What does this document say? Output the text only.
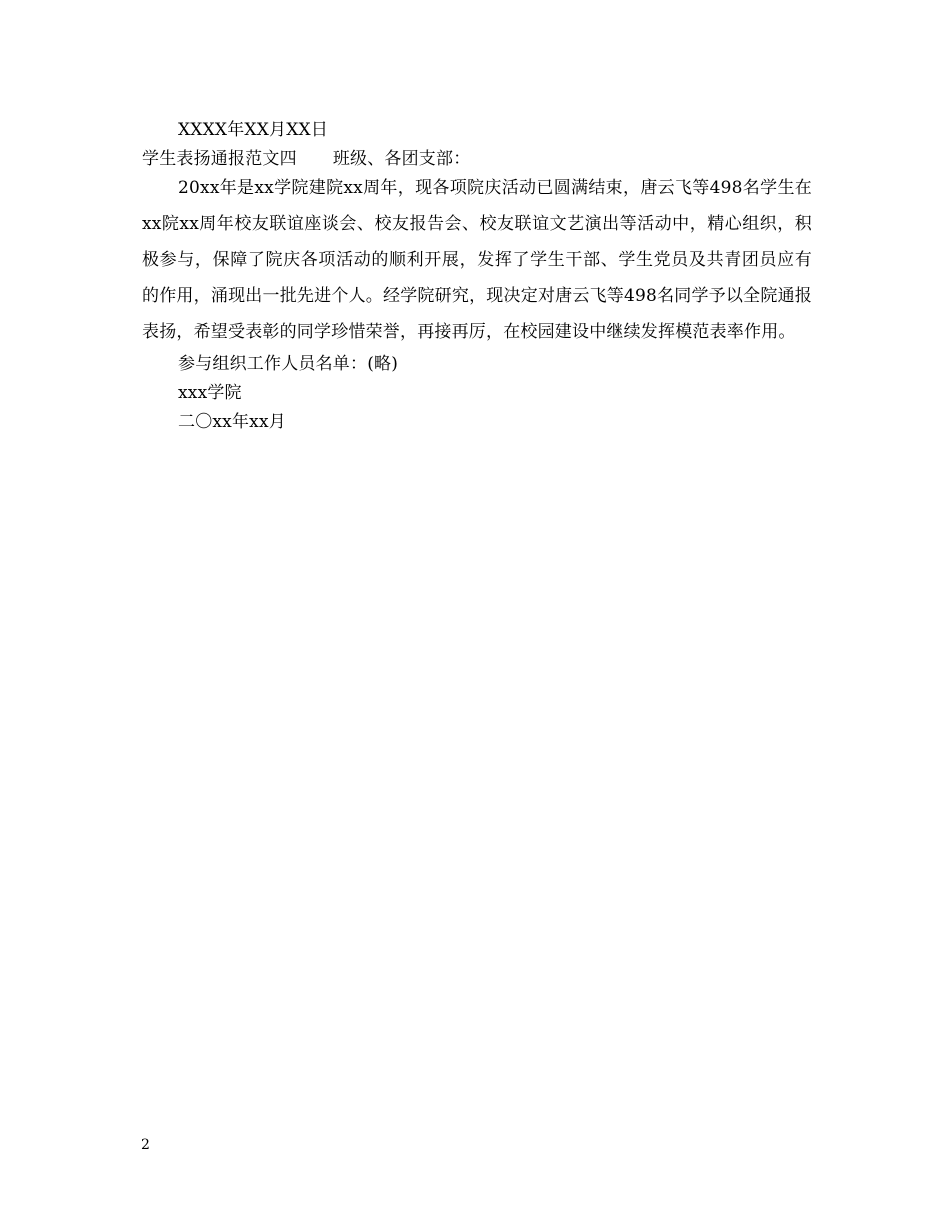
XXXX年XX月XX日
学生表扬通报范文四 班级、各团支部：

20xx年是xx学院建院xx周年，现各项院庆活动已圆满结束，唐云飞等498名学生在xx院xx周年校友联谊座谈会、校友报告会、校友联谊文艺演出等活动中，精心组织，积极参与，保障了院庆各项活动的顺利开展，发挥了学生干部、学生党员及共青团员应有的作用，涌现出一批先进个人。经学院研究，现决定对唐云飞等498名同学予以全院通报表扬，希望受表彰的同学珍惜荣誉，再接再厉，在校园建设中继续发挥模范表率作用。

参与组织工作人员名单：(略)
xxx学院
二〇xx年xx月
2
